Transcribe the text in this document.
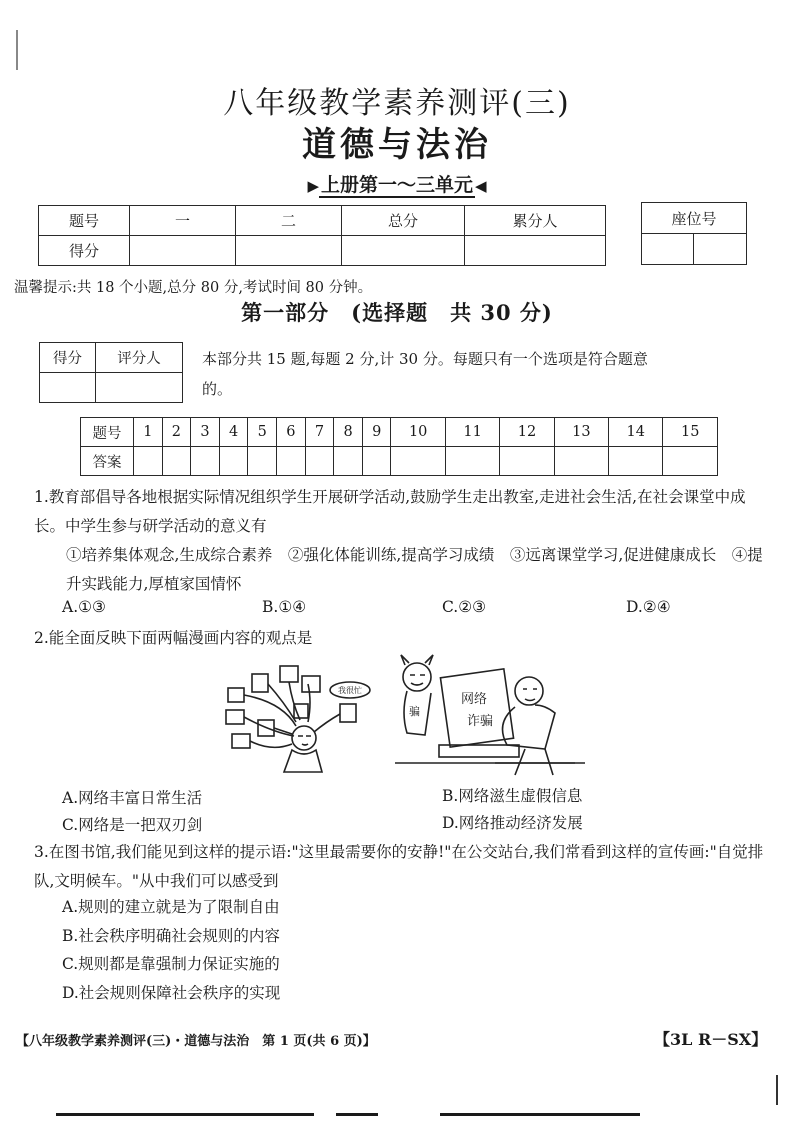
八年级教学素养测评(三)
道德与法治
▶ 上册第一～三单元 ◀
题号	一	二	总分	累分人
得分				
座位号

温馨提示:共 18 个小题,总分 80 分,考试时间 80 分钟。
第一部分　(选择题　共 30 分)
得分	评分人
		本部分共 15 题,每题 2 分,计 30 分。每题只有一个选项是符合题意的。
题号	1	2	3	4	5	6	7	8	9	10	11	12	13	14	15
答案															
1.教育部倡导各地根据实际情况组织学生开展研学活动,鼓励学生走出教室,走进社会生活,在社会课堂中成长。中学生参与研学活动的意义有
①培养集体观念,生成综合素养　②强化体能训练,提高学习成绩　③远离课堂学习,促进健康成长　④提升实践能力,厚植家国情怀
A.①③	B.①④	C.②③	D.②④
2.能全面反映下面两幅漫画内容的观点是
我很忙
网络
诈骗
骗
A.网络丰富日常生活	B.网络滋生虚假信息
C.网络是一把双刃剑	D.网络推动经济发展
3.在图书馆,我们能见到这样的提示语:"这里最需要你的安静!"在公交站台,我们常看到这样的宣传画:"自觉排队,文明候车。"从中我们可以感受到
A.规则的建立就是为了限制自由
B.社会秩序明确社会规则的内容
C.规则都是靠强制力保证实施的
D.社会规则保障社会秩序的实现
【八年级教学素养测评(三)・道德与法治　第 1 页(共 6 页)】	【3L R－SX】
